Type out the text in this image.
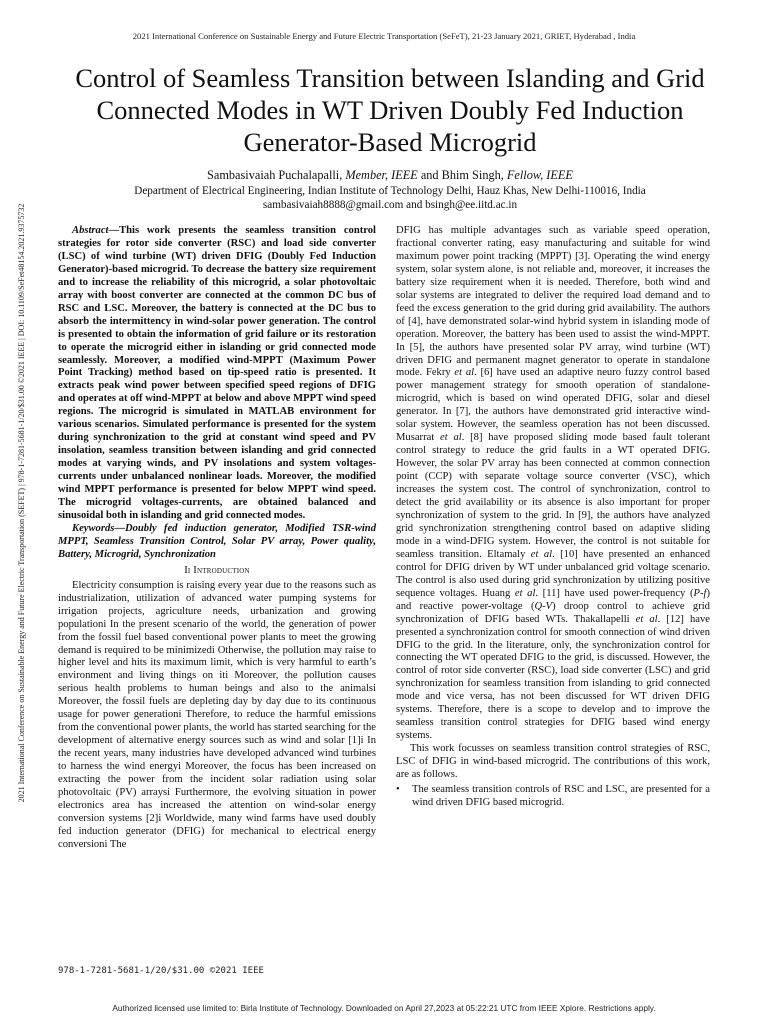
2021 International Conference on Sustainable Energy and Future Electric Transportation (SeFeT), 21-23 January 2021, GRIET, Hyderabad , India
2021 International Conference on Sustainable Energy and Future Electric Transportation (SEFET) | 978-1-7281-5681-1/20/$31.00 ©2021 IEEE | DOI: 10.1109/SeFet48154.2021.9375732
Control of Seamless Transition between Islanding and Grid Connected Modes in WT Driven Doubly Fed Induction Generator-Based Microgrid
Sambasivaiah Puchalapalli, Member, IEEE and Bhim Singh, Fellow, IEEE
Department of Electrical Engineering, Indian Institute of Technology Delhi, Hauz Khas, New Delhi-110016, India
sambasivaiah8888@gmail.com and bsingh@ee.iitd.ac.in

Abstract—This work presents the seamless transition control strategies for rotor side converter (RSC) and load side converter (LSC) of wind turbine (WT) driven DFIG (Doubly Fed Induction Generator)-based microgrid. To decrease the battery size requirement and to increase the reliability of this microgrid, a solar photovoltaic array with boost converter are connected at the common DC bus of RSC and LSC. Moreover, the battery is connected at the DC bus to absorb the intermittency in wind-solar power generation. The control is presented to obtain the information of grid failure or its restoration to operate the microgrid either in islanding or grid connected mode seamlessly. Moreover, a modified wind-MPPT (Maximum Power Point Tracking) method based on tip-speed ratio is presented. It extracts peak wind power between specified speed regions of DFIG and operates at off wind-MPPT at below and above MPPT wind speed regions. The microgrid is simulated in MATLAB environment for various scenarios. Simulated performance is presented for the system during synchronization to the grid at constant wind speed and PV insolation, seamless transition between islanding and grid connected modes at varying winds, and PV insolations and system voltages-currents under unbalanced nonlinear loads. Moreover, the modified wind MPPT performance is presented for below MPPT wind speed. The microgrid voltages-currents, are obtained balanced and sinusoidal both in islanding and grid connected modes.

Keywords—Doubly fed induction generator, Modified TSR-wind MPPT, Seamless Transition Control, Solar PV array, Power quality, Battery, Microgrid, Synchronization

Ii Introduction

Electricity consumption is raising every year due to the reasons such as industrialization, utilization of advanced water pumping systems for irrigation projects, agriculture needs, urbanization and growing populationi In the present scenario of the world, the generation of power from the fossil fuel based conventional power plants to meet the growing demand is required to be minimizedi Otherwise, the pollution may raise to higher level and hits its maximum limit, which is very harmful to earth’s environment and living things on iti Moreover, the pollution causes serious health problems to human beings and also to the animalsi Moreover, the fossil fuels are depleting day by day due to its continuous usage for power generationi Therefore, to reduce the harmful emissions from the conventional power plants, the world has started searching for the development of alternative energy sources such as wind and solar [1]i In the recent years, many industries have developed advanced wind turbines to harness the wind energyi Moreover, the focus has been increased on extracting the power from the incident solar radiation using solar photovoltaic (PV) arraysi Furthermore, the evolving situation in power electronics area has increased the attention on wind-solar energy conversion systems [2]i Worldwide, many wind farms have used doubly fed induction generator (DFIG) for mechanical to electrical energy conversioni The

DFIG has multiple advantages such as variable speed operation, fractional converter rating, easy manufacturing and suitable for wind maximum power point tracking (MPPT) [3]. Operating the wind energy system, solar system alone, is not reliable and, moreover, it increases the battery size requirement when it is needed. Therefore, both wind and solar systems are integrated to deliver the required load demand and to feed the excess generation to the grid during grid availability. The authors of [4], have demonstrated solar-wind hybrid system in islanding mode of operation. Moreover, the battery has been used to assist the wind-MPPT. In [5], the authors have presented solar PV array, wind turbine (WT) driven DFIG and permanent magnet generator to operate in standalone mode. Fekry et al. [6] have used an adaptive neuro fuzzy control based power management strategy for smooth operation of standalone-microgrid, which is based on wind operated DFIG, solar and diesel generator. In [7], the authors have demonstrated grid interactive wind-solar system. However, the seamless operation has not been discussed. Musarrat et al. [8] have proposed sliding mode based fault tolerant control strategy to reduce the grid faults in a WT operated DFIG. However, the solar PV array has been connected at common connection point (CCP) with separate voltage source converter (VSC), which increases the system cost. The control of synchronization, control to detect the grid availability or its absence is also important for proper synchronization of system to the grid. In [9], the authors have analyzed grid synchronization strengthening control based on adaptive sliding mode in a wind-DFIG system. However, the control is not suitable for seamless transition. Eltamaly et al. [10] have presented an enhanced control for DFIG driven by WT under unbalanced grid voltage scenario. The control is also used during grid synchronization by utilizing positive sequence voltages. Huang et al. [11] have used power-frequency (P-f) and reactive power-voltage (Q-V) droop control to achieve grid synchronization of DFIG based WTs. Thakallapelli et al. [12] have presented a synchronization control for smooth connection of wind driven DFIG to the grid. In the literature, only, the synchronization control for connecting the WT operated DFIG to the grid, is discussed. However, the control of rotor side converter (RSC), load side converter (LSC) and grid synchronization for seamless transition from islanding to grid connected mode and vice versa, has not been discussed for WT driven DFIG systems. Therefore, there is a scope to develop and to improve the seamless transition control strategies for DFIG based wind energy systems.

This work focusses on seamless transition control strategies of RSC, LSC of DFIG in wind-based microgrid. The contributions of this work, are as follows.

•	The seamless transition controls of RSC and LSC, are presented for a wind driven DFIG based microgrid.
978-1-7281-5681-1/20/$31.00 ©2021 IEEE
Authorized licensed use limited to: Birla Institute of Technology. Downloaded on April 27,2023 at 05:22:21 UTC from IEEE Xplore. Restrictions apply.
